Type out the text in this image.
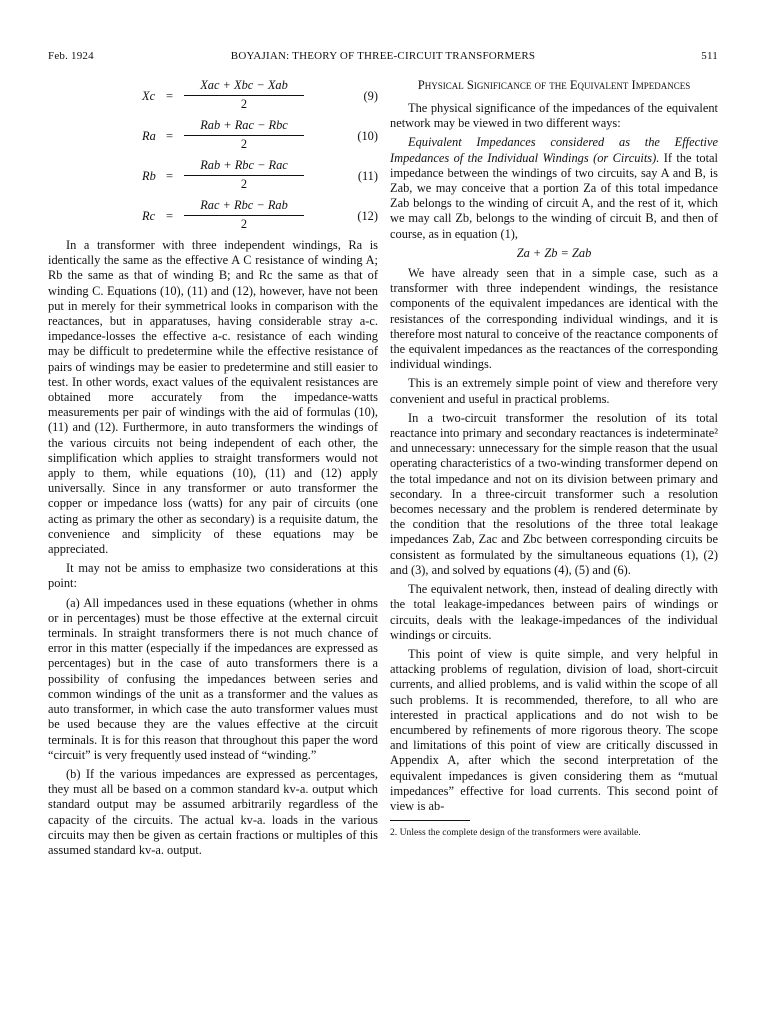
Feb. 1924	BOYAJIAN: THEORY OF THREE-CIRCUIT TRANSFORMERS	511
Xc =
Xac + Xbc − Xab
2
(9)
Ra =
Rab + Rac − Rbc
2
(10)
Rb =
Rab + Rbc − Rac
2
(11)
Rc =
Rac + Rbc − Rab
2
(12)

In a transformer with three independent windings, Ra is identically the same as the effective A C resistance of winding A; Rb the same as that of winding B; and Rc the same as that of winding C. Equations (10), (11) and (12), however, have not been put in merely for their symmetrical looks in comparison with the reactances, but in apparatuses, having considerable stray a-c. impedance-losses the effective a-c. resistance of each winding may be difficult to predetermine while the effective resistance of pairs of windings may be easier to predetermine and still easier to test. In other words, exact values of the equivalent resistances are obtained more accurately from the impedance-watts measurements per pair of windings with the aid of formulas (10), (11) and (12). Furthermore, in auto transformers the windings of the various circuits not being independent of each other, the simplification which applies to straight transformers would not apply to them, while equations (10), (11) and (12) apply universally. Since in any transformer or auto transformer the copper or impedance loss (watts) for any pair of circuits (one acting as primary the other as secondary) is a requisite datum, the convenience and simplicity of these equations may be appreciated.

It may not be amiss to emphasize two considerations at this point:

(a) All impedances used in these equations (whether in ohms or in percentages) must be those effective at the external circuit terminals. In straight transformers there is not much chance of error in this matter (especially if the impedances are expressed as percentages) but in the case of auto transformers there is a possibility of confusing the impedances between series and common windings of the unit as a transformer and the values as auto transformer, in which case the auto transformer values must be used because they are the values effective at the circuit terminals. It is for this reason that throughout this paper the word “circuit” is very frequently used instead of “winding.”

(b) If the various impedances are expressed as percentages, they must all be based on a common standard kv-a. output which standard output may be assumed arbitrarily regardless of the capacity of the circuits. The actual kv-a. loads in the various circuits may then be given as certain fractions or multiples of this assumed standard kv-a. output.

Physical Significance of the Equivalent Impedances

The physical significance of the impedances of the equivalent network may be viewed in two different ways:

Equivalent Impedances considered as the Effective Impedances of the Individual Windings (or Circuits). If the total impedance between the windings of two circuits, say A and B, is Zab, we may conceive that a portion Za of this total impedance Zab belongs to the winding of circuit A, and the rest of it, which we may call Zb, belongs to the winding of circuit B, and then of course, as in equation (1),

Za + Zb = Zab

We have already seen that in a simple case, such as a transformer with three independent windings, the resistance components of the equivalent impedances are identical with the resistances of the corresponding individual windings, and it is therefore most natural to conceive of the reactance components of the equivalent impedances as the reactances of the corresponding individual windings.

This is an extremely simple point of view and therefore very convenient and useful in practical problems.

In a two-circuit transformer the resolution of its total reactance into primary and secondary reactances is indeterminate² and unnecessary: unnecessary for the simple reason that the usual operating characteristics of a two-winding transformer depend on the total impedance and not on its division between primary and secondary. In a three-circuit transformer such a resolution becomes necessary and the problem is rendered determinate by the condition that the resolutions of the three total leakage impedances Zab, Zac and Zbc between corresponding circuits be consistent as formulated by the simultaneous equations (1), (2) and (3), and solved by equations (4), (5) and (6).

The equivalent network, then, instead of dealing directly with the total leakage-impedances between pairs of windings or circuits, deals with the leakage-impedances of the individual windings or circuits.

This point of view is quite simple, and very helpful in attacking problems of regulation, division of load, short-circuit currents, and allied problems, and is valid within the scope of all such problems. It is recommended, therefore, to all who are interested in practical applications and do not wish to be encumbered by refinements of more rigorous theory. The scope and limitations of this point of view are critically discussed in Appendix A, after which the second interpretation of the equivalent impedances is given considering them as “mutual impedances” effective for load currents. This second point of view is ab-

2. Unless the complete design of the transformers were available.
